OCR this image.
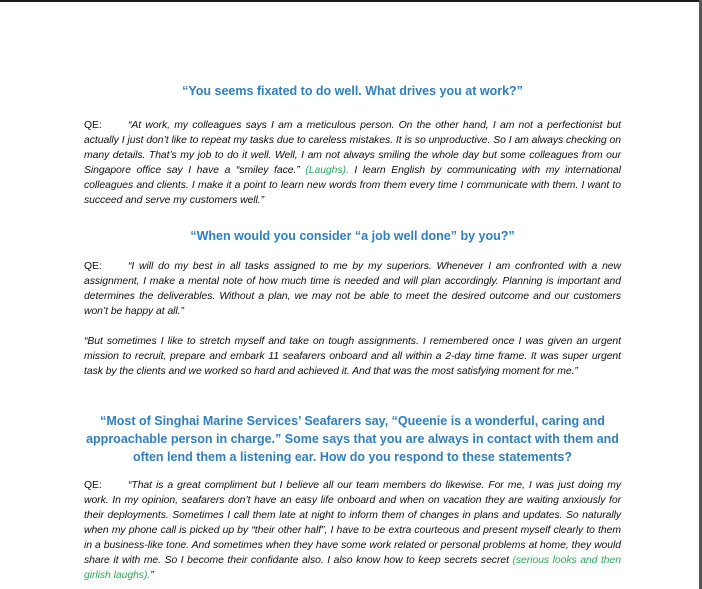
“You seems fixated to do well. What drives you at work?”
QE:	“At work, my colleagues says I am a meticulous person. On the other hand, I am not a perfectionist but actually I just don’t like to repeat my tasks due to careless mistakes. It is so unproductive. So I am always checking on many details. That’s my job to do it well. Well, I am not always smiling the whole day but some colleagues from our Singapore office say I have a “smiley face.” (Laughs). I learn English by communicating with my international colleagues and clients. I make it a point to learn new words from them every time I communicate with them. I want to succeed and serve my customers well.”
“When would you consider “a job well done” by you?”
QE:	“I will do my best in all tasks assigned to me by my superiors. Whenever I am confronted with a new assignment, I make a mental note of how much time is needed and will plan accordingly. Planning is important and determines the deliverables. Without a plan, we may not be able to meet the desired outcome and our customers won’t be happy at all.”
“But sometimes I like to stretch myself and take on tough assignments. I remembered once I was given an urgent mission to recruit, prepare and embark 11 seafarers onboard and all within a 2-day time frame. It was super urgent task by the clients and we worked so hard and achieved it. And that was the most satisfying moment for me.”
“Most of Singhai Marine Services’ Seafarers say, “Queenie is a wonderful, caring and approachable person in charge.” Some says that you are always in contact with them and often lend them a listening ear. How do you respond to these statements?
QE:	“That is a great compliment but I believe all our team members do likewise. For me, I was just doing my work. In my opinion, seafarers don’t have an easy life onboard and when on vacation they are waiting anxiously for their deployments. Sometimes I call them late at night to inform them of changes in plans and updates. So naturally when my phone call is picked up by “their other half”, I have to be extra courteous and present myself clearly to them in a business-like tone. And sometimes when they have some work related or personal problems at home, they would share it with me. So I become their confidante also. I also know how to keep secrets secret (serious looks and then girlish laughs).”
